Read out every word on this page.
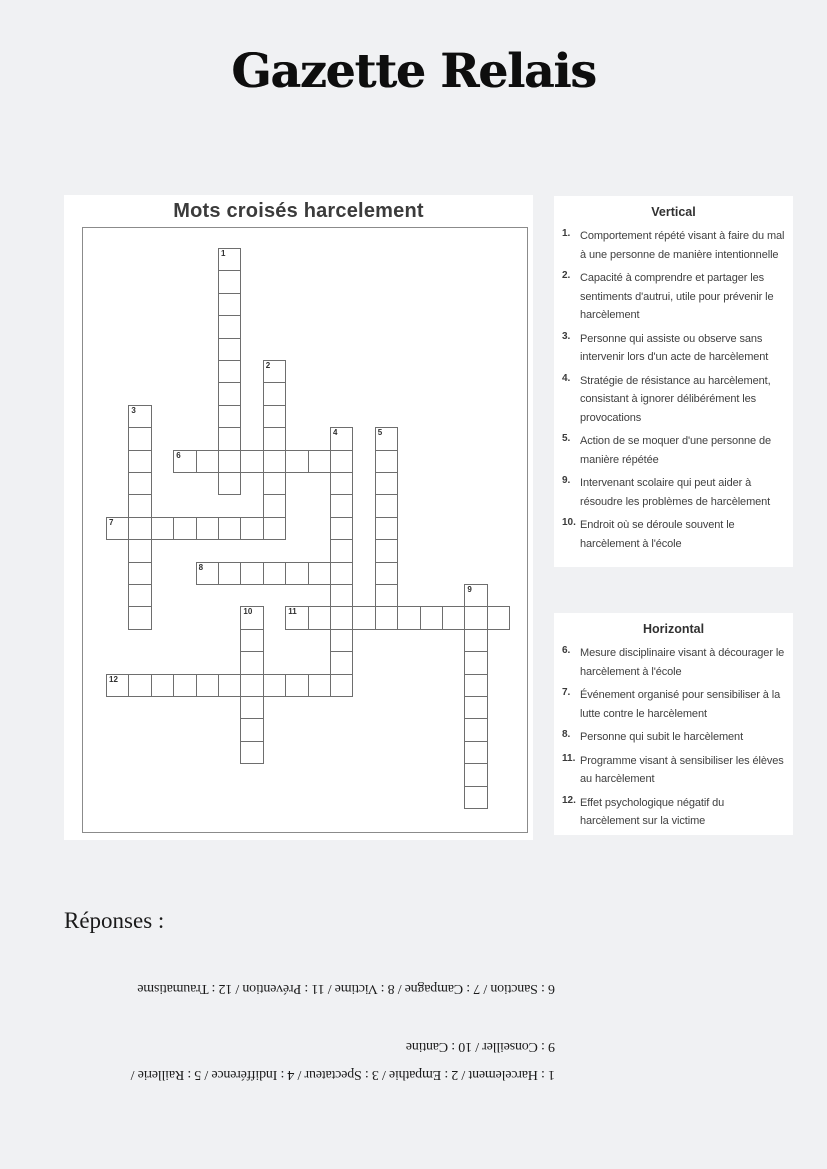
Gazette Relais
Mots croisés harcelement
1
2
3
4	5
6
7
8
9
10	11
12
Vertical
1. Comportement répété visant à faire du mal à une personne de manière intentionnelle
2. Capacité à comprendre et partager les sentiments d'autrui, utile pour prévenir le harcèlement
3. Personne qui assiste ou observe sans intervenir lors d'un acte de harcèlement
4. Stratégie de résistance au harcèlement, consistant à ignorer délibérément les provocations
5. Action de se moquer d'une personne de manière répétée
9. Intervenant scolaire qui peut aider à résoudre les problèmes de harcèlement
10. Endroit où se déroule souvent le harcèlement à l'école
Horizontal
6. Mesure disciplinaire visant à décourager le harcèlement à l'école
7. Événement organisé pour sensibiliser à la lutte contre le harcèlement
8. Personne qui subit le harcèlement
11. Programme visant à sensibiliser les élèves au harcèlement
12. Effet psychologique négatif du harcèlement sur la victime
Réponses :
6 : Sanction / 7 : Campagne / 8 : Victime / 11 : Prévention / 12 : Traumatisme
9 : Conseiller / 10 : Cantine
1 : Harcelement / 2 : Empathie / 3 : Spectateur / 4 : Indifférence / 5 : Raillerie /
